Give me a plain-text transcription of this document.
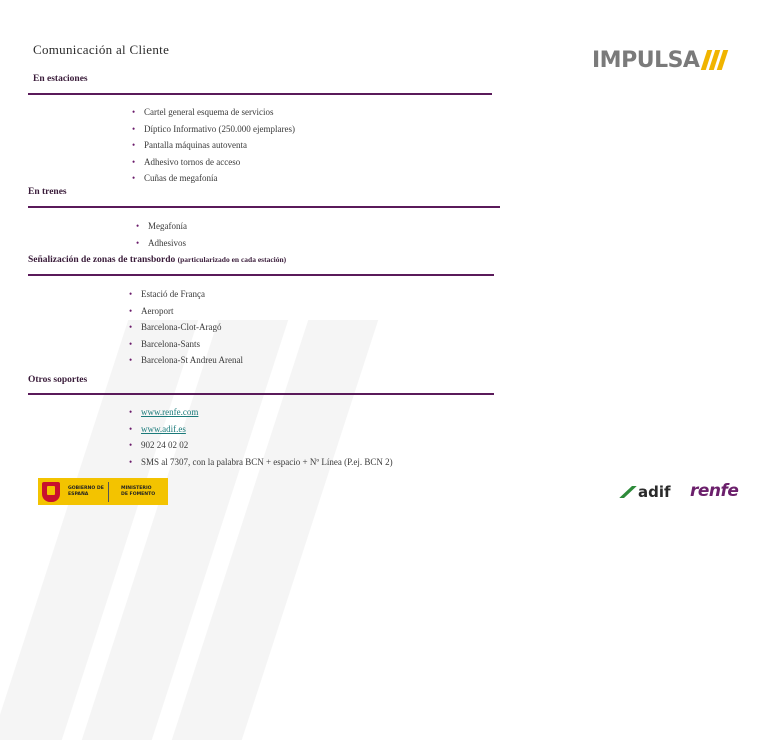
Comunicación al Cliente	IMPULSA
En estaciones
• Cartel general esquema de servicios
• Díptico Informativo (250.000 ejemplares)
• Pantalla máquinas autoventa
• Adhesivo tornos de acceso
• Cuñas de megafonía
En trenes
• Megafonía
• Adhesivos
Señalización de zonas de transbordo (particularizado en cada estación)
• Estació de França
• Aeroport
• Barcelona-Clot-Aragó
• Barcelona-Sants
• Barcelona-St Andreu Arenal
Otros soportes
• www.renfe.com
• www.adif.es
• 902 24 02 02
• SMS al 7307, con la palabra BCN + espacio + Nº Línea (P.ej. BCN 2)
GOBIERNO DE ESPAÑA
MINISTERIO DE FOMENTO	adif renfe
